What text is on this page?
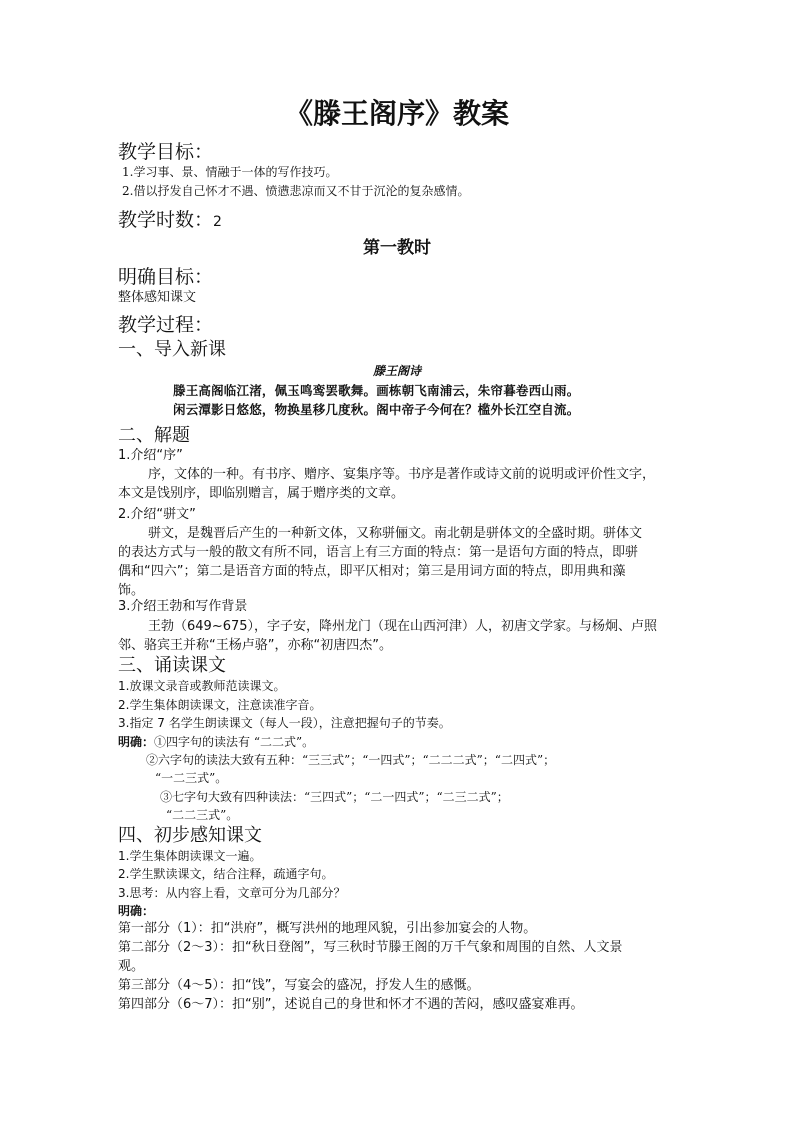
《滕王阁序》教案
教学目标：
1.学习事、景、情融于一体的写作技巧。
2.借以抒发自己怀才不遇、愤懑悲凉而又不甘于沉沦的复杂感情。
教学时数：2
第一教时
明确目标：
整体感知课文
教学过程：
一、导入新课
滕王阁诗
滕王高阁临江渚，佩玉鸣鸾罢歌舞。画栋朝飞南浦云，朱帘暮卷西山雨。
闲云潭影日悠悠，物换星移几度秋。阁中帝子今何在？槛外长江空自流。
二、解题
1.介绍“序”
序，文体的一种。有书序、赠序、宴集序等。书序是著作或诗文前的说明或评价性文字，
本文是饯别序，即临别赠言，属于赠序类的文章。
2.介绍“骈文”
骈文，是魏晋后产生的一种新文体，又称骈俪文。南北朝是骈体文的全盛时期。骈体文
的表达方式与一般的散文有所不同，语言上有三方面的特点：第一是语句方面的特点，即骈
偶和“四六”；第二是语音方面的特点，即平仄相对；第三是用词方面的特点，即用典和藻
饰。
3.介绍王勃和写作背景
王勃（649~675），字子安，降州龙门（现在山西河津）人，初唐文学家。与杨炯、卢照
邻、骆宾王并称“王杨卢骆”，亦称“初唐四杰”。
三、诵读课文
1.放课文录音或教师范读课文。
2.学生集体朗读课文，注意读准字音。
3.指定 7 名学生朗读课文（每人一段），注意把握句子的节奏。
明确：①四字句的读法有 “二二式”。
②六字句的读法大致有五种：“三三式”；“一四式”；“二二二式”；“二四式”；
“一二三式”。
③七字句大致有四种读法：“三四式”；“二一四式”；“二三二式”；
“二二三式”。
四、初步感知课文
1.学生集体朗读课文一遍。
2.学生默读课文，结合注释，疏通字句。
3.思考：从内容上看，文章可分为几部分？
明确：
第一部分（1）：扣“洪府”，概写洪州的地理风貌，引出参加宴会的人物。
第二部分（2～3）：扣“秋日登阁”，写三秋时节滕王阁的万千气象和周围的自然、人文景
观。
第三部分（4～5）：扣“饯”，写宴会的盛况，抒发人生的感慨。
第四部分（6～7）：扣“别”，述说自己的身世和怀才不遇的苦闷，感叹盛宴难再。
